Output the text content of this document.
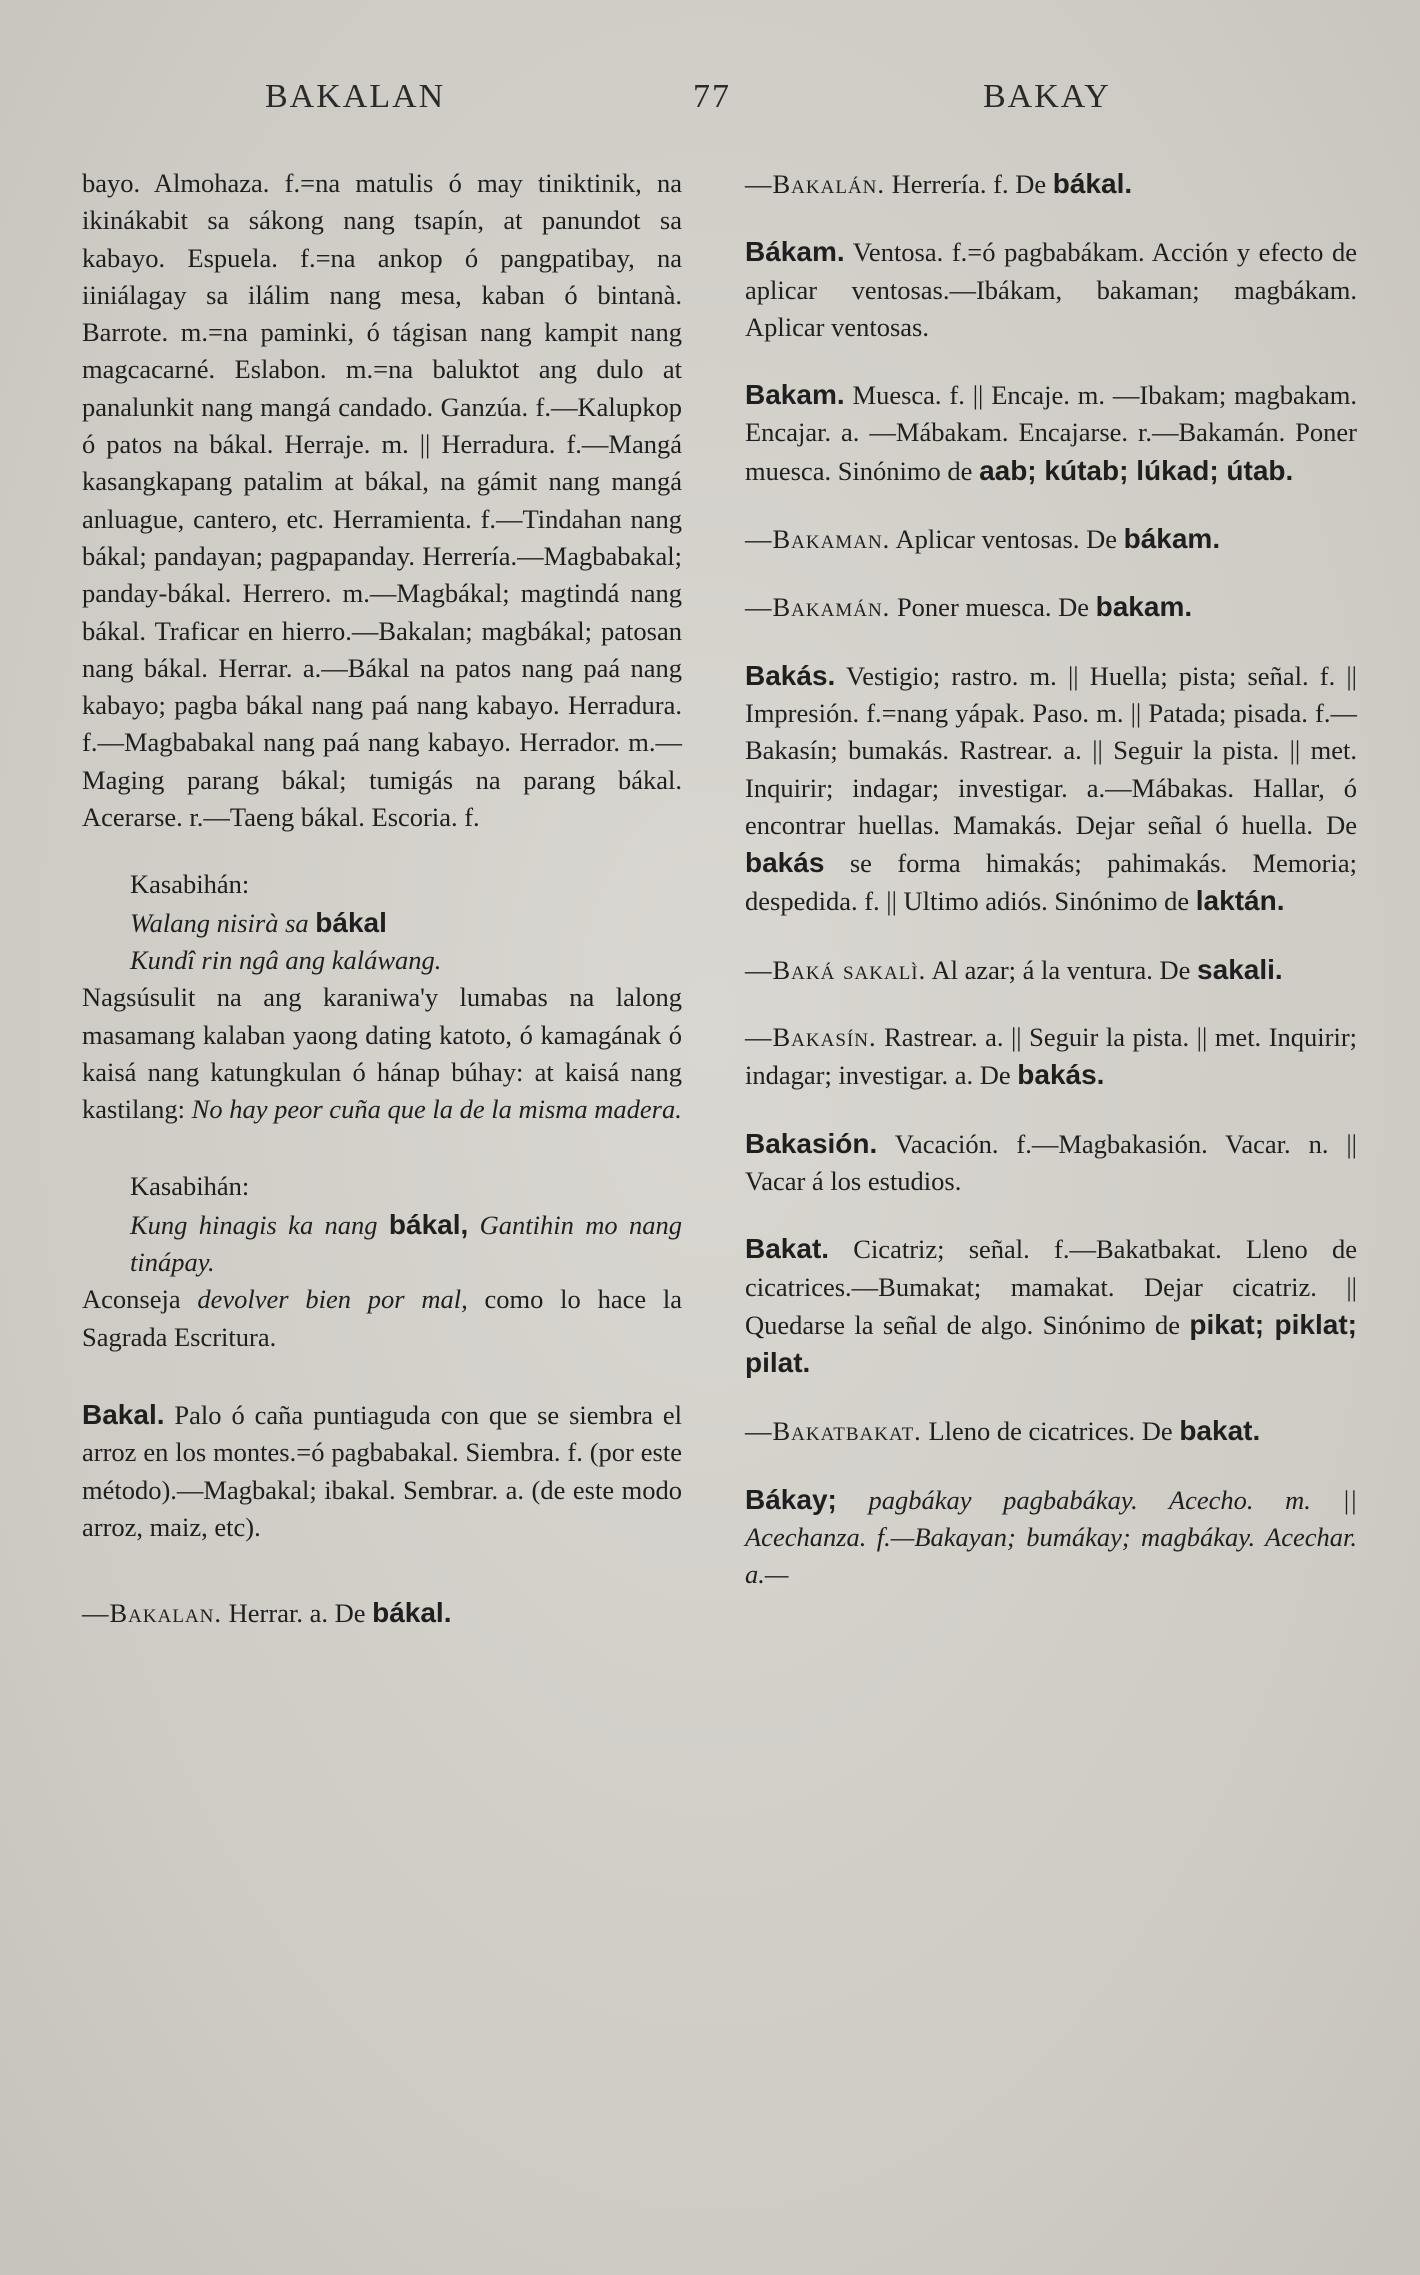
BAKALAN	77	BAKAY

bayo. Almohaza. f.=na matulis ó may tiniktinik, na ikinákabit sa sákong nang tsapín, at panundot sa kabayo. Espuela. f.=na ankop ó pangpatibay, na iiniálagay sa ilálim nang mesa, kaban ó bintanà. Barrote. m.=na paminki, ó tágisan nang kampit nang magcacarné. Eslabon. m.=na baluktot ang dulo at panalunkit nang mangá candado. Ganzúa. f.—Kalupkop ó patos na bákal. Herraje. m. || Herradura. f.—Mangá kasangkapang patalim at bákal, na gámit nang mangá anluague, cantero, etc. Herramienta. f.—Tindahan nang bákal; pandayan; pagpapanday. Herrería.—Magbabakal; panday-bákal. Herrero. m.—Magbákal; magtindá nang bákal. Traficar en hierro.—Bakalan; magbákal; patosan nang bákal. Herrar. a.—Bákal na patos nang paá nang kabayo; pagba bákal nang paá nang kabayo. Herradura. f.—Magbabakal nang paá nang kabayo. Herrador. m.—Maging parang bákal; tumigás na parang bákal. Acerarse. r.—Taeng bákal. Escoria. f.

Kasabihán:
Walang nisirà sa bákal
Kundî rin ngâ ang kaláwang.
Nagsúsulit na ang karaniwa'y lumabas na lalong masamang kalaban yaong dating katoto, ó kamagának ó kaisá nang katungkulan ó hánap búhay: at kaisá nang kastilang: No hay peor cuña que la de la misma madera.

Kasabihán:
Kung hinagis ka nang bákal, Gantihin mo nang tinápay.
Aconseja devolver bien por mal, como lo hace la Sagrada Escritura.

Bakal. Palo ó caña puntiaguda con que se siembra el arroz en los montes.=ó pagbabakal. Siembra. f. (por este método).—Magbakal; ibakal. Sembrar. a. (de este modo arroz, maiz, etc).

—Bakalan. Herrar. a. De bákal.

—Bakalán. Herrería. f. De bákal.

Bákam. Ventosa. f.=ó pagbabákam. Acción y efecto de aplicar ventosas.—Ibákam, bakaman; magbákam. Aplicar ventosas.

Bakam. Muesca. f. || Encaje. m. —Ibakam; magbakam. Encajar. a. —Mábakam. Encajarse. r.—Bakamán. Poner muesca. Sinónimo de aab; kútab; lúkad; útab.

—Bakaman. Aplicar ventosas. De bákam.

—Bakamán. Poner muesca. De bakam.

Bakás. Vestigio; rastro. m. || Huella; pista; señal. f. || Impresión. f.=nang yápak. Paso. m. || Patada; pisada. f.—Bakasín; bumakás. Rastrear. a. || Seguir la pista. || met. Inquirir; indagar; investigar. a.—Mábakas. Hallar, ó encontrar huellas. Mamakás. Dejar señal ó huella. De bakás se forma himakás; pahimakás. Memoria; despedida. f. || Ultimo adiós. Sinónimo de laktán.

—Baká sakalì. Al azar; á la ventura. De sakali.

—Bakasín. Rastrear. a. || Seguir la pista. || met. Inquirir; indagar; investigar. a. De bakás.

Bakasión. Vacación. f.—Magbakasión. Vacar. n. || Vacar á los estudios.

Bakat. Cicatriz; señal. f.—Bakatbakat. Lleno de cicatrices.—Bumakat; mamakat. Dejar cicatriz. || Quedarse la señal de algo. Sinónimo de pikat; piklat; pilat.

—Bakatbakat. Lleno de cicatrices. De bakat.

Bákay; pagbákay pagbabákay. Acecho. m. || Acechanza. f.—Bakayan; bumákay; magbákay. Acechar. a.—
